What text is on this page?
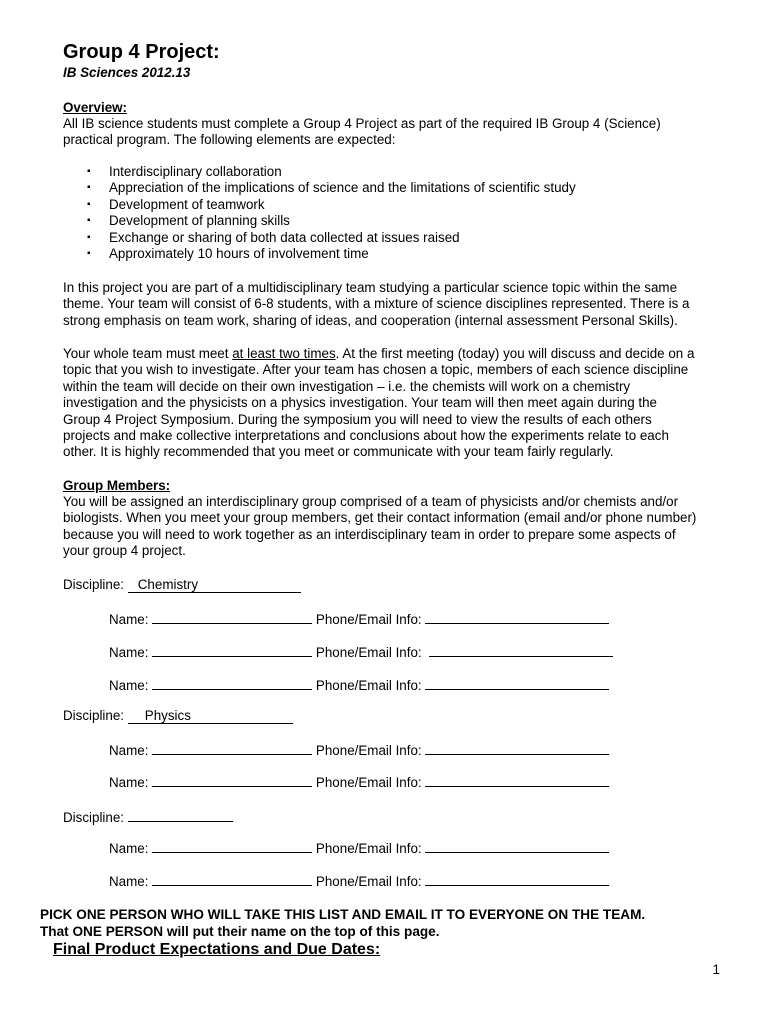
Group 4 Project:
IB Sciences 2012.13
Overview:
All IB science students must complete a Group 4 Project as part of the required IB Group 4 (Science)
practical program. The following elements are expected:
▪ Interdisciplinary collaboration
▪ Appreciation of the implications of science and the limitations of scientific study
▪ Development of teamwork
▪ Development of planning skills
▪ Exchange or sharing of both data collected at issues raised
▪ Approximately 10 hours of involvement time
In this project you are part of a multidisciplinary team studying a particular science topic within the same
theme. Your team will consist of 6-8 students, with a mixture of science disciplines represented. There is a
strong emphasis on team work, sharing of ideas, and cooperation (internal assessment Personal Skills).
Your whole team must meet at least two times. At the first meeting (today) you will discuss and decide on a
topic that you wish to investigate. After your team has chosen a topic, members of each science discipline
within the team will decide on their own investigation – i.e. the chemists will work on a chemistry
investigation and the physicists on a physics investigation. Your team will then meet again during the
Group 4 Project Symposium. During the symposium you will need to view the results of each others
projects and make collective interpretations and conclusions about how the experiments relate to each
other. It is highly recommended that you meet or communicate with your team fairly regularly.
Group Members:
You will be assigned an interdisciplinary group comprised of a team of physicists and/or chemists and/or
biologists. When you meet your group members, get their contact information (email and/or phone number)
because you will need to work together as an interdisciplinary team in order to prepare some aspects of
your group 4 project.
Discipline: Chemistry
Name:	Phone/Email Info:
Name:	Phone/Email Info:
Name:	Phone/Email Info:
Discipline: Physics
Name:	Phone/Email Info:
Name:	Phone/Email Info:
Discipline:
Name:	Phone/Email Info:
Name:	Phone/Email Info:
PICK ONE PERSON WHO WILL TAKE THIS LIST AND EMAIL IT TO EVERYONE ON THE TEAM.
That ONE PERSON will put their name on the top of this page.
Final Product Expectations and Due Dates:
1
